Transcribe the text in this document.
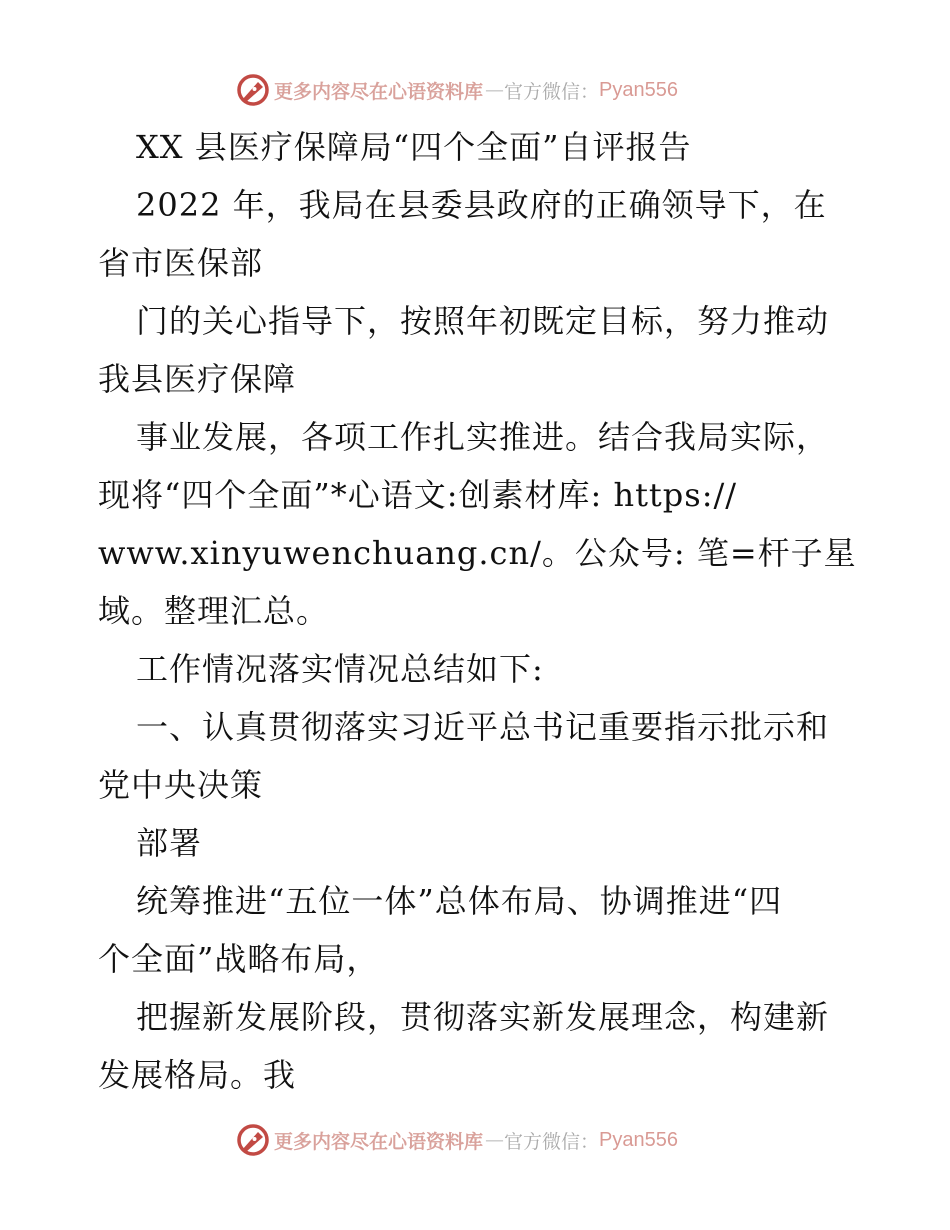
更多内容尽在心语资料库 — 官方微信： Pyan556
XX 县医疗保障局“四个全面”自评报告
2022 年，我局在县委县政府的正确领导下，在
省市医保部
门的关心指导下，按照年初既定目标，努力推动
我县医疗保障
事业发展，各项工作扎实推进。结合我局实际，
现将“四个全面”*心语文:创素材库: https://
www.xinyuwenchuang.cn/。公众号: 笔=杆子星
域。整理汇总。
工作情况落实情况总结如下:
一、认真贯彻落实习近平总书记重要指示批示和
党中央决策
部署
统筹推进“五位一体”总体布局、协调推进“四
个全面”战略布局，
把握新发展阶段，贯彻落实新发展理念，构建新
发展格局。我
更多内容尽在心语资料库 — 官方微信： Pyan556
